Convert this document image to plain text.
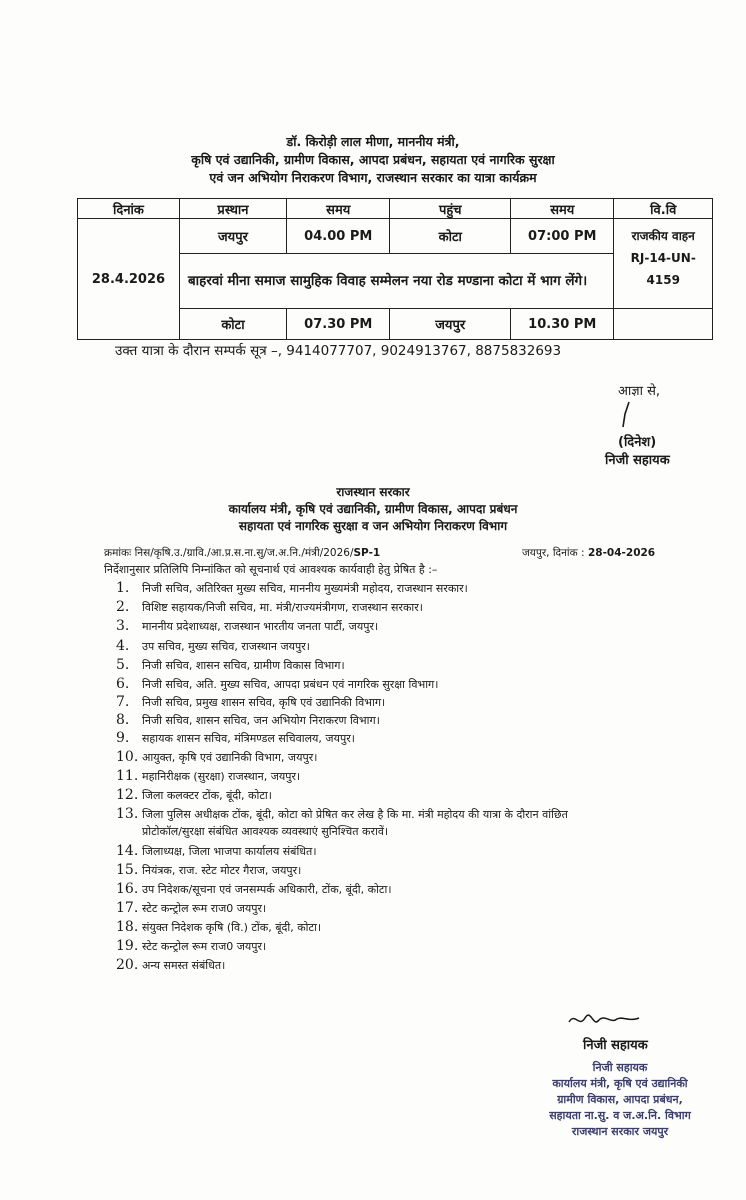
डॉ. किरोड़ी लाल मीणा, माननीय मंत्री,
कृषि एवं उद्यानिकी, ग्रामीण विकास, आपदा प्रबंधन, सहायता एवं नागरिक सुरक्षा
एवं जन अभियोग निराकरण विभाग, राजस्थान सरकार का यात्रा कार्यक्रम
दिनांक	प्रस्थान	समय	पहुंच	समय	वि.वि
28.4.2026	जयपुर	04.00 PM	कोटा	07:00 PM	राजकीय वाहन
RJ-14-UN-4159

	बाहरवां मीना समाज सामुहिक विवाह सम्मेलन नया रोड मण्डाना कोटा में भाग लेंगे।				
	कोटा	07.30 PM	जयपुर	10.30 PM	
उक्त यात्रा के दौरान सम्पर्क सूत्र –, 9414077707, 9024913767, 8875832693
आज्ञा से,
(दिनेश)
निजी सहायक
राजस्थान सरकार
कार्यालय मंत्री, कृषि एवं उद्यानिकी, ग्रामीण विकास, आपदा प्रबंधन
सहायता एवं नागरिक सुरक्षा व जन अभियोग निराकरण विभाग
क्रमांकः निस/कृषि.उ./ग्रावि./आ.प्र.स.ना.सु/ज.अ.नि./मंत्री/2026/SP-1	जयपुर, दिनांक : 28-04-2026
निर्देशानुसार प्रतिलिपि निम्नांकित को सूचनार्थ एवं आवश्यक कार्यवाही हेतु प्रेषित है :–
1. निजी सचिव, अतिरिक्त मुख्य सचिव, माननीय मुख्यमंत्री महोदय, राजस्थान सरकार।
2. विशिष्ट सहायक/निजी सचिव, मा. मंत्री/राज्यमंत्रीगण, राजस्थान सरकार।
3. माननीय प्रदेशाध्यक्ष, राजस्थान भारतीय जनता पार्टी, जयपुर।
4. उप सचिव, मुख्य सचिव, राजस्थान जयपुर।
5. निजी सचिव, शासन सचिव, ग्रामीण विकास विभाग।
6. निजी सचिव, अति. मुख्य सचिव, आपदा प्रबंधन एवं नागरिक सुरक्षा विभाग।
7. निजी सचिव, प्रमुख शासन सचिव, कृषि एवं उद्यानिकी विभाग।
8. निजी सचिव, शासन सचिव, जन अभियोग निराकरण विभाग।
9. सहायक शासन सचिव, मंत्रिमण्डल सचिवालय, जयपुर।
10. आयुक्त, कृषि एवं उद्यानिकी विभाग, जयपुर।
11. महानिरीक्षक (सुरक्षा) राजस्थान, जयपुर।
12. जिला कलक्टर टोंक, बूंदी, कोटा।
13. जिला पुलिस अधीक्षक टोंक, बूंदी, कोटा को प्रेषित कर लेख है कि मा. मंत्री महोदय की यात्रा के दौरान वांछित
प्रोटोकॉल/सुरक्षा संबंधित आवश्यक व्यवस्थाएं सुनिश्चित करावें।
14. जिलाध्यक्ष, जिला भाजपा कार्यालय संबंधित।
15. नियंत्रक, राज. स्टेट मोटर गैराज, जयपुर।
16. उप निदेशक/सूचना एवं जनसम्पर्क अधिकारी, टोंक, बूंदी, कोटा।
17. स्टेट कन्ट्रोल रूम राज0 जयपुर।
18. संयुक्त निदेशक कृषि (वि.) टोंक, बूंदी, कोटा।
19. स्टेट कन्ट्रोल रूम राज0 जयपुर।
20. अन्य समस्त संबंधित।
निजी सहायक
निजी सहायक
कार्यालय मंत्री, कृषि एवं उद्यानिकी
ग्रामीण विकास, आपदा प्रबंधन,
सहायता ना.सु. व ज.अ.नि. विभाग
राजस्थान सरकार जयपुर
